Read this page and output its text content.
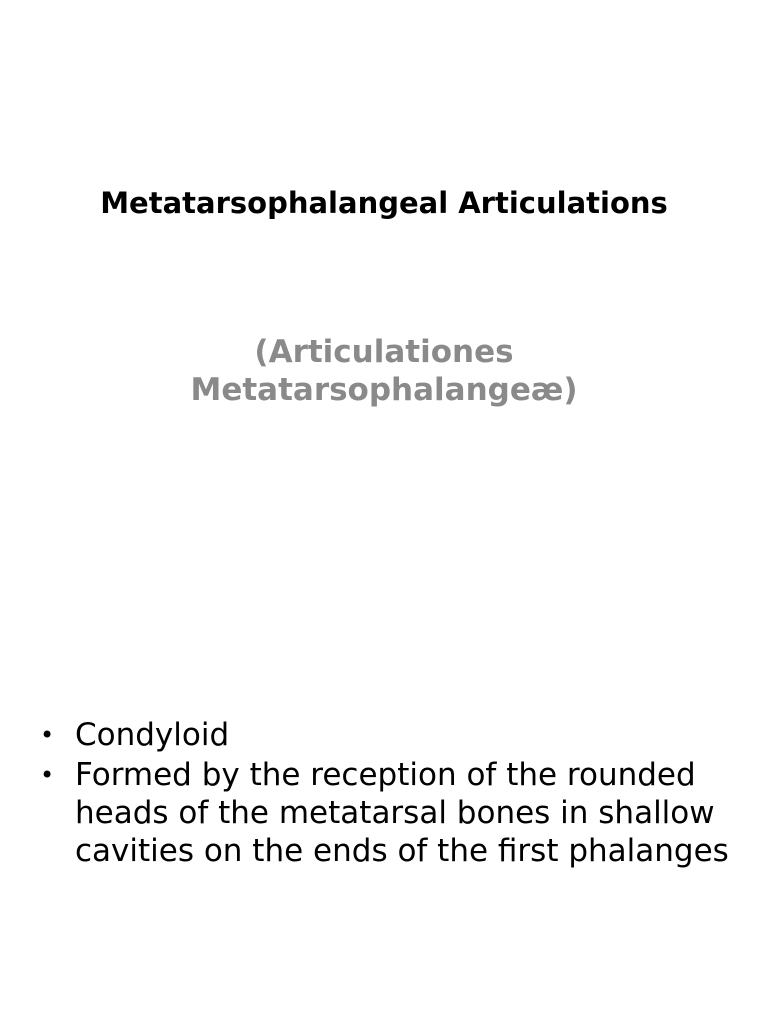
Metatarsophalangeal Articulations
(Articulationes
Metatarsophalangeæ)
• Condyloid
• Formed by the reception of the rounded heads of the metatarsal bones in shallow cavities on the ends of the first phalanges
